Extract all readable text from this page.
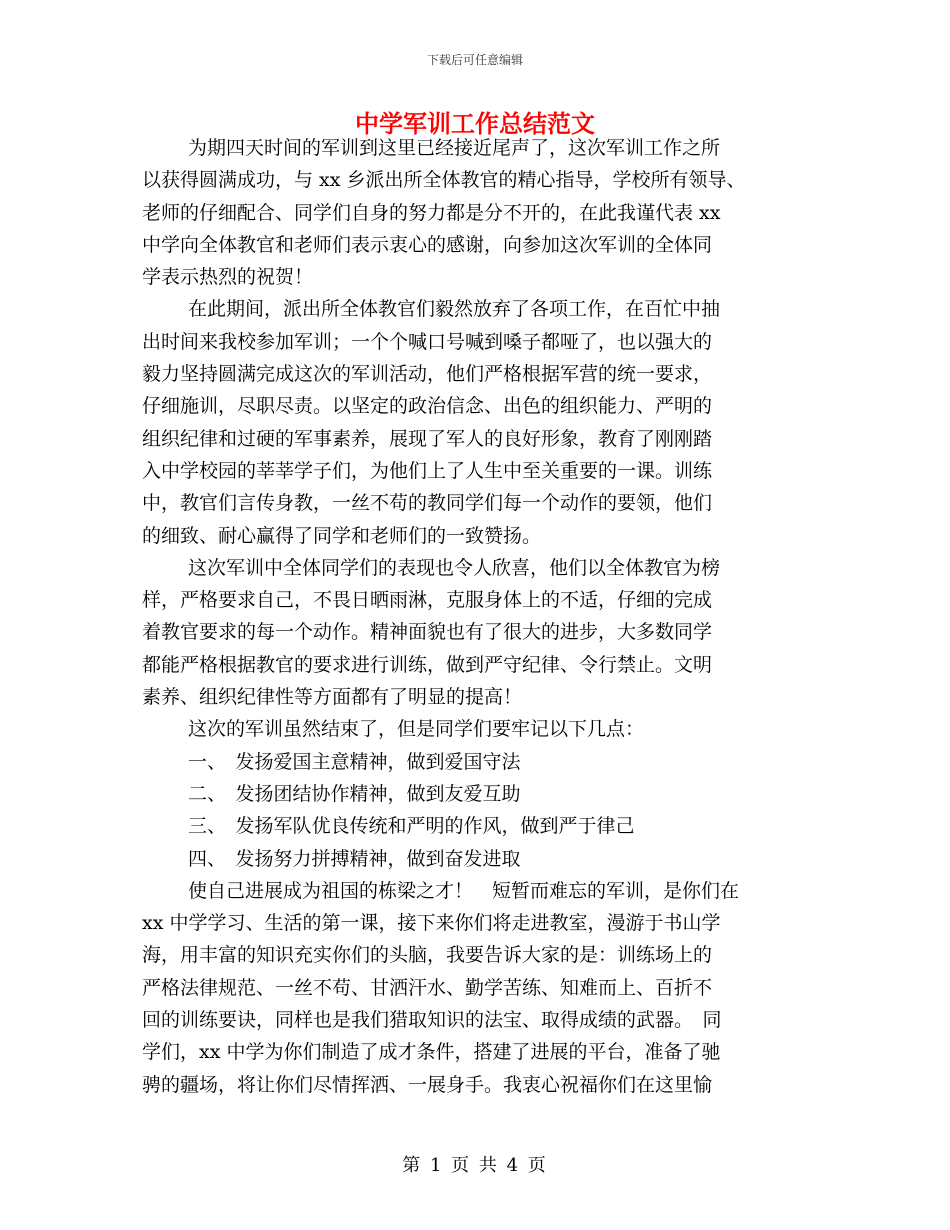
下载后可任意编辑
中学军训工作总结范文
为期四天时间的军训到这里已经接近尾声了，这次军训工作之所
以获得圆满成功，与 xx 乡派出所全体教官的精心指导，学校所有领导、
老师的仔细配合、同学们自身的努力都是分不开的，在此我谨代表 xx
中学向全体教官和老师们表示衷心的感谢，向参加这次军训的全体同
学表示热烈的祝贺！
在此期间，派出所全体教官们毅然放弃了各项工作，在百忙中抽
出时间来我校参加军训；一个个喊口号喊到嗓子都哑了，也以强大的
毅力坚持圆满完成这次的军训活动，他们严格根据军营的统一要求，
仔细施训，尽职尽责。以坚定的政治信念、出色的组织能力、严明的
组织纪律和过硬的军事素养，展现了军人的良好形象，教育了刚刚踏
入中学校园的莘莘学子们，为他们上了人生中至关重要的一课。训练
中，教官们言传身教，一丝不苟的教同学们每一个动作的要领，他们
的细致、耐心赢得了同学和老师们的一致赞扬。
这次军训中全体同学们的表现也令人欣喜，他们以全体教官为榜
样，严格要求自己，不畏日晒雨淋，克服身体上的不适，仔细的完成
着教官要求的每一个动作。精神面貌也有了很大的进步，大多数同学
都能严格根据教官的要求进行训练，做到严守纪律、令行禁止。文明
素养、组织纪律性等方面都有了明显的提高！
这次的军训虽然结束了，但是同学们要牢记以下几点：
一、　发扬爱国主意精神，做到爱国守法
二、　发扬团结协作精神，做到友爱互助
三、　发扬军队优良传统和严明的作风，做到严于律己
四、　发扬努力拼搏精神，做到奋发进取
使自己进展成为祖国的栋梁之才！　短暂而难忘的军训，是你们在
xx 中学学习、生活的第一课，接下来你们将走进教室，漫游于书山学
海，用丰富的知识充实你们的头脑，我要告诉大家的是：训练场上的
严格法律规范、一丝不苟、甘洒汗水、勤学苦练、知难而上、百折不
回的训练要诀，同样也是我们猎取知识的法宝、取得成绩的武器。　同
学们，xx 中学为你们制造了成才条件，搭建了进展的平台，准备了驰
骋的疆场，将让你们尽情挥洒、一展身手。我衷心祝福你们在这里愉
第 1 页 共 4 页
